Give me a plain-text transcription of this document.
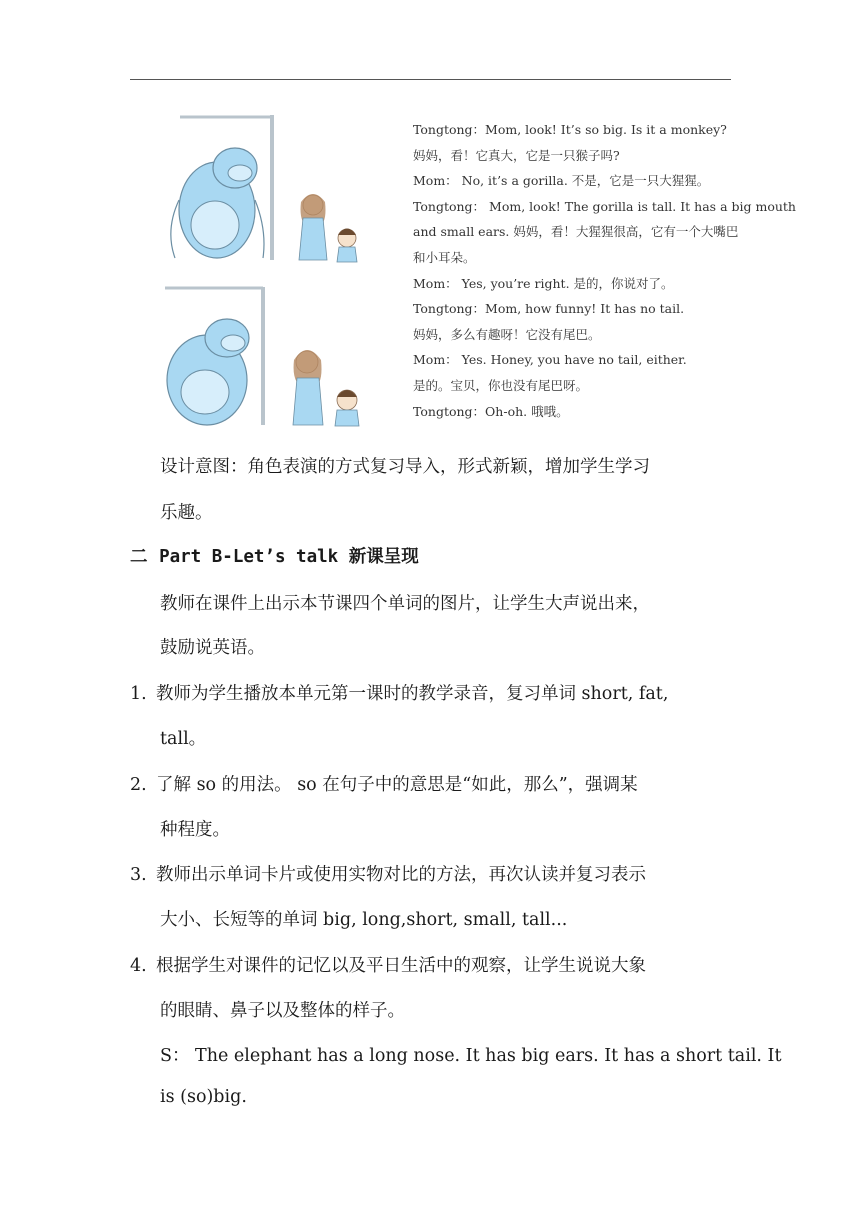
Tongtong：Mom, look! It’s so big. Is it a monkey?
妈妈，看！它真大，它是一只猴子吗?
Mom： No, it’s a gorilla. 不是，它是一只大猩猩。
Tongtong： Mom, look! The gorilla is tall. It has a big mouth
and small ears. 妈妈，看！大猩猩很高，它有一个大嘴巴
和小耳朵。
Mom： Yes, you’re right. 是的，你说对了。
Tongtong：Mom, how funny! It has no tail.
妈妈，多么有趣呀！它没有尾巴。
Mom： Yes. Honey, you have no tail, either.
是的。宝贝，你也没有尾巴呀。
Tongtong：Oh-oh. 哦哦。
设计意图：角色表演的方式复习导入，形式新颖，增加学生学习
乐趣。
二 Part B-Let’s talk 新课呈现
教师在课件上出示本节课四个单词的图片，让学生大声说出来，
鼓励说英语。
1. 教师为学生播放本单元第一课时的教学录音，复习单词 short, fat,
tall。
2. 了解 so 的用法。 so 在句子中的意思是“如此，那么”，强调某
种程度。
3. 教师出示单词卡片或使用实物对比的方法，再次认读并复习表示
大小、长短等的单词 big, long,short, small, tall...
4. 根据学生对课件的记忆以及平日生活中的观察，让学生说说大象
的眼睛、鼻子以及整体的样子。
S： The elephant has a long nose. It has big ears. It has a short tail. It
is (so)big.
